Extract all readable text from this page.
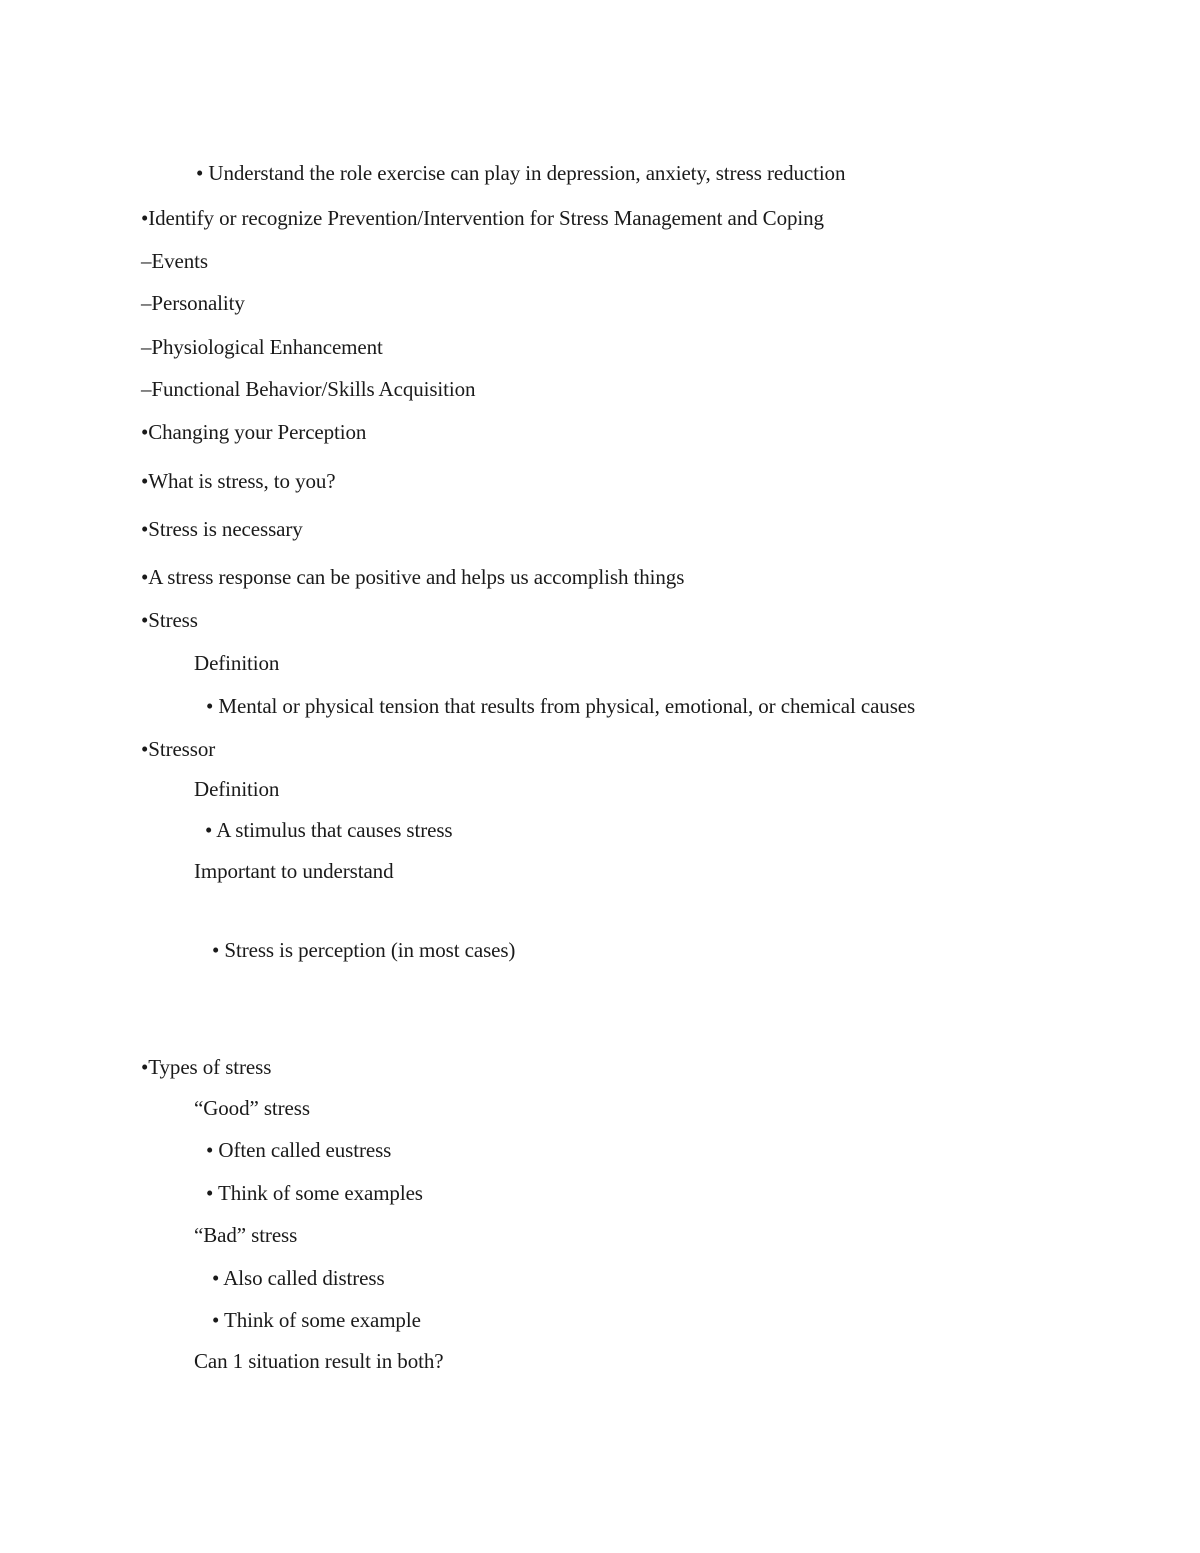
• Understand the role exercise can play in depression, anxiety, stress reduction
•Identify or recognize Prevention/Intervention for Stress Management and Coping
–Events
–Personality
–Physiological Enhancement
–Functional Behavior/Skills Acquisition
•Changing your Perception
•What is stress, to you?
•Stress is necessary
•A stress response can be positive and helps us accomplish things
•Stress
Definition
• Mental or physical tension that results from physical, emotional, or chemical causes
•Stressor
Definition
• A stimulus that causes stress
Important to understand
• Stress is perception (in most cases)
•Types of stress
“Good” stress
• Often called eustress
• Think of some examples
“Bad” stress
• Also called distress
• Think of some example
Can 1 situation result in both?
